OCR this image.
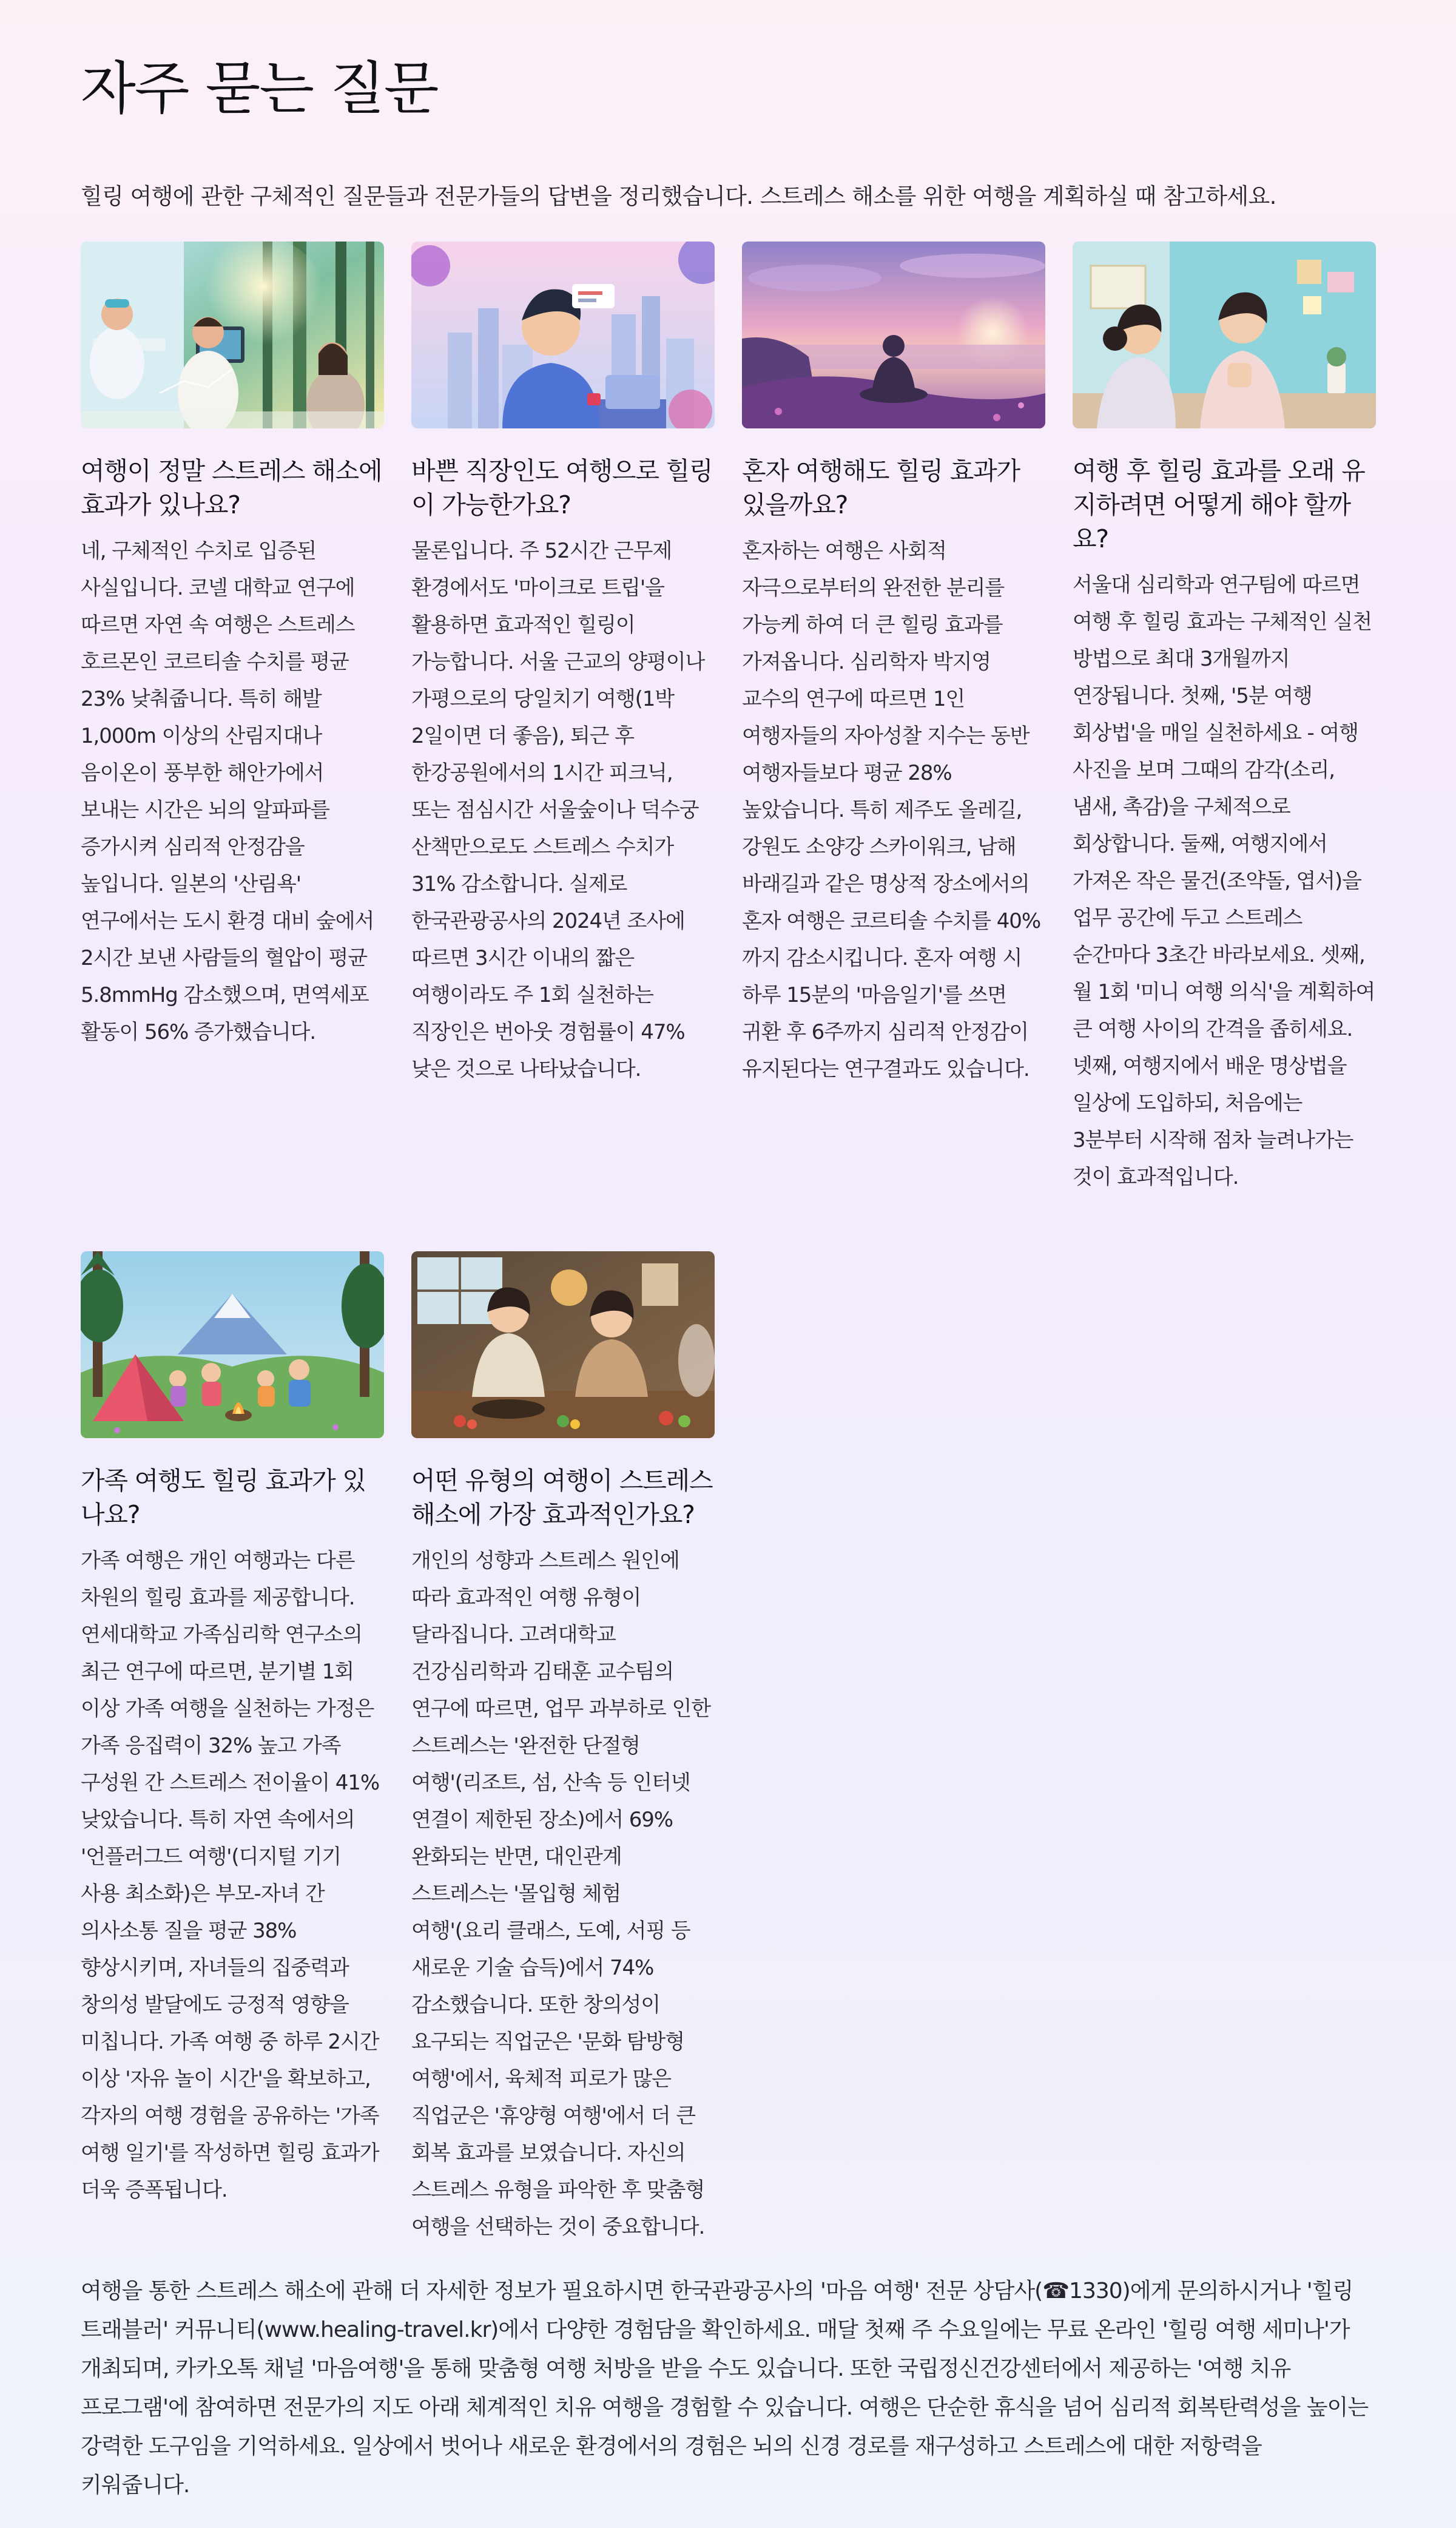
자주 묻는 질문

힐링 여행에 관한 구체적인 질문들과 전문가들의 답변을 정리했습니다. 스트레스 해소를 위한 여행을 계획하실 때 참고하세요.

여행이 정말 스트레스 해소에 효과가 있나요?

네, 구체적인 수치로 입증된 사실입니다. 코넬 대학교 연구에 따르면 자연 속 여행은 스트레스 호르몬인 코르티솔 수치를 평균 23% 낮춰줍니다. 특히 해발 1,000m 이상의 산림지대나 음이온이 풍부한 해안가에서 보내는 시간은 뇌의 알파파를 증가시켜 심리적 안정감을 높입니다. 일본의 '산림욕' 연구에서는 도시 환경 대비 숲에서 2시간 보낸 사람들의 혈압이 평균 5.8mmHg 감소했으며, 면역세포 활동이 56% 증가했습니다.

바쁜 직장인도 여행으로 힐링이 가능한가요?

물론입니다. 주 52시간 근무제 환경에서도 '마이크로 트립'을 활용하면 효과적인 힐링이 가능합니다. 서울 근교의 양평이나 가평으로의 당일치기 여행(1박 2일이면 더 좋음), 퇴근 후 한강공원에서의 1시간 피크닉, 또는 점심시간 서울숲이나 덕수궁 산책만으로도 스트레스 수치가 31% 감소합니다. 실제로 한국관광공사의 2024년 조사에 따르면 3시간 이내의 짧은 여행이라도 주 1회 실천하는 직장인은 번아웃 경험률이 47% 낮은 것으로 나타났습니다.

혼자 여행해도 힐링 효과가 있을까요?

혼자하는 여행은 사회적 자극으로부터의 완전한 분리를 가능케 하여 더 큰 힐링 효과를 가져옵니다. 심리학자 박지영 교수의 연구에 따르면 1인 여행자들의 자아성찰 지수는 동반 여행자들보다 평균 28% 높았습니다. 특히 제주도 올레길, 강원도 소양강 스카이워크, 남해 바래길과 같은 명상적 장소에서의 혼자 여행은 코르티솔 수치를 40%까지 감소시킵니다. 혼자 여행 시 하루 15분의 '마음일기'를 쓰면 귀환 후 6주까지 심리적 안정감이 유지된다는 연구결과도 있습니다.

여행 후 힐링 효과를 오래 유지하려면 어떻게 해야 할까요?

서울대 심리학과 연구팀에 따르면 여행 후 힐링 효과는 구체적인 실천 방법으로 최대 3개월까지 연장됩니다. 첫째, '5분 여행 회상법'을 매일 실천하세요 - 여행 사진을 보며 그때의 감각(소리, 냄새, 촉감)을 구체적으로 회상합니다. 둘째, 여행지에서 가져온 작은 물건(조약돌, 엽서)을 업무 공간에 두고 스트레스 순간마다 3초간 바라보세요. 셋째, 월 1회 '미니 여행 의식'을 계획하여 큰 여행 사이의 간격을 좁히세요. 넷째, 여행지에서 배운 명상법을 일상에 도입하되, 처음에는 3분부터 시작해 점차 늘려나가는 것이 효과적입니다.

가족 여행도 힐링 효과가 있나요?

가족 여행은 개인 여행과는 다른 차원의 힐링 효과를 제공합니다. 연세대학교 가족심리학 연구소의 최근 연구에 따르면, 분기별 1회 이상 가족 여행을 실천하는 가정은 가족 응집력이 32% 높고 가족 구성원 간 스트레스 전이율이 41% 낮았습니다. 특히 자연 속에서의 '언플러그드 여행'(디지털 기기 사용 최소화)은 부모-자녀 간 의사소통 질을 평균 38% 향상시키며, 자녀들의 집중력과 창의성 발달에도 긍정적 영향을 미칩니다. 가족 여행 중 하루 2시간 이상 '자유 놀이 시간'을 확보하고, 각자의 여행 경험을 공유하는 '가족 여행 일기'를 작성하면 힐링 효과가 더욱 증폭됩니다.

어떤 유형의 여행이 스트레스 해소에 가장 효과적인가요?

개인의 성향과 스트레스 원인에 따라 효과적인 여행 유형이 달라집니다. 고려대학교 건강심리학과 김태훈 교수팀의 연구에 따르면, 업무 과부하로 인한 스트레스는 '완전한 단절형 여행'(리조트, 섬, 산속 등 인터넷 연결이 제한된 장소)에서 69% 완화되는 반면, 대인관계 스트레스는 '몰입형 체험 여행'(요리 클래스, 도예, 서핑 등 새로운 기술 습득)에서 74% 감소했습니다. 또한 창의성이 요구되는 직업군은 '문화 탐방형 여행'에서, 육체적 피로가 많은 직업군은 '휴양형 여행'에서 더 큰 회복 효과를 보였습니다. 자신의 스트레스 유형을 파악한 후 맞춤형 여행을 선택하는 것이 중요합니다.

여행을 통한 스트레스 해소에 관해 더 자세한 정보가 필요하시면 한국관광공사의 '마음 여행' 전문 상담사(☎1330)에게 문의하시거나 '힐링 트래블러' 커뮤니티(www.healing-travel.kr)에서 다양한 경험담을 확인하세요. 매달 첫째 주 수요일에는 무료 온라인 '힐링 여행 세미나'가 개최되며, 카카오톡 채널 '마음여행'을 통해 맞춤형 여행 처방을 받을 수도 있습니다. 또한 국립정신건강센터에서 제공하는 '여행 치유 프로그램'에 참여하면 전문가의 지도 아래 체계적인 치유 여행을 경험할 수 있습니다. 여행은 단순한 휴식을 넘어 심리적 회복탄력성을 높이는 강력한 도구임을 기억하세요. 일상에서 벗어나 새로운 환경에서의 경험은 뇌의 신경 경로를 재구성하고 스트레스에 대한 저항력을 키워줍니다.
